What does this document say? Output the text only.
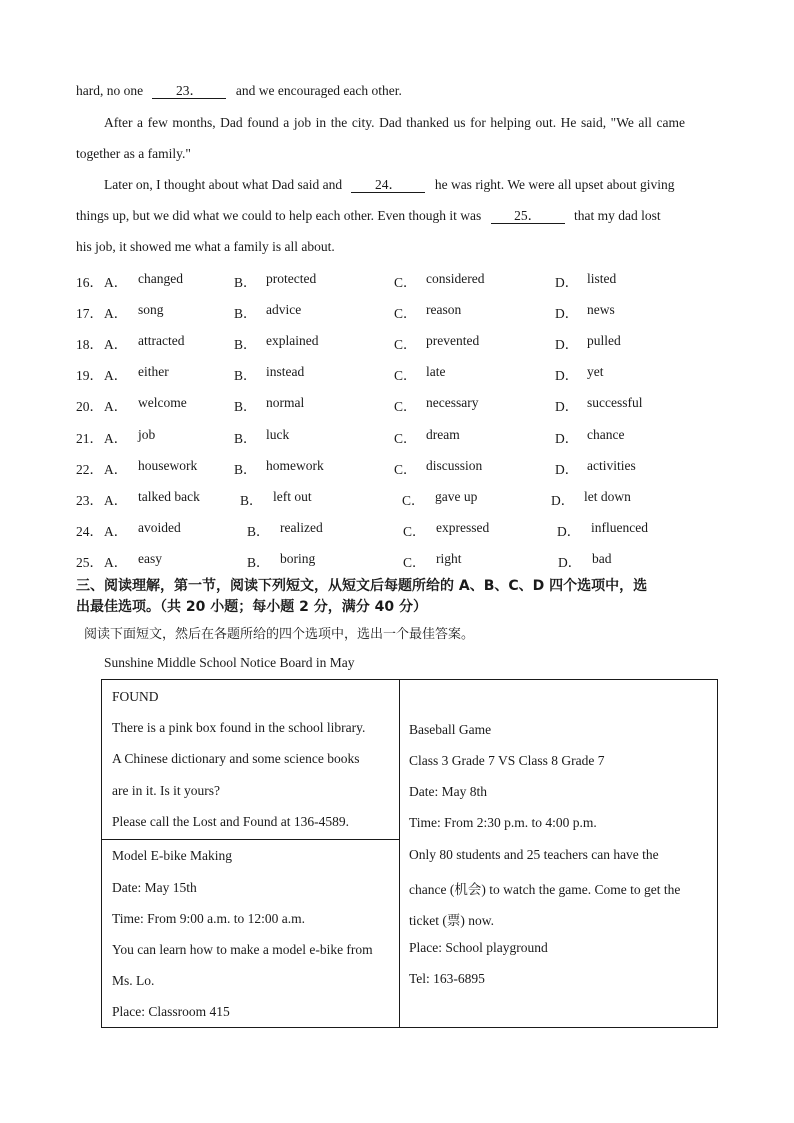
hard, no one 23． and we encouraged each other.
After a few months, Dad found a job in the city. Dad thanked us for helping out. He said, "We all came
together as a family."
Later on, I thought about what Dad said and 24． he was right. We were all upset about giving
things up, but we did what we could to help each other. Even though it was 25． that my dad lost
his job, it showed me what a family is all about.
16． A． changed	B． protected	C． considered	D． listed
17． A． song	B． advice	C． reason	D． news
18． A． attracted	B． explained	C． prevented	D． pulled
19． A． either	B． instead	C． late	D． yet
20． A． welcome	B． normal	C． necessary	D． successful
21． A． job	B． luck	C． dream	D． chance
22． A． housework	B． homework	C． discussion	D． activities
23． A． talked back	B． left out	C． gave up	D． let down
24． A． avoided	B． realized	C． expressed	D． influenced
25． A． easy	B． boring	C． right	D． bad
三、阅读理解，第一节，阅读下列短文，从短文后每题所给的 A、B、C、D 四个选项中，选
出最佳选项。（共 20 小题；每小题 2 分，满分 40 分）
阅读下面短文，然后在各题所给的四个选项中，选出一个最佳答案。
Sunshine Middle School Notice Board in May
FOUND
There is a pink box found in the school library.
A Chinese dictionary and some science books
are in it. Is it yours?
Please call the Lost and Found at 136-4589.
Model E-bike Making
Date: May 15th
Time: From 9:00 a.m. to 12:00 a.m.
You can learn how to make a model e-bike from
Ms. Lo.
Place: Classroom 415
Baseball Game
Class 3 Grade 7 VS Class 8 Grade 7
Date: May 8th
Time: From 2:30 p.m. to 4:00 p.m.
Only 80 students and 25 teachers can have the
chance (机会) to watch the game. Come to get the
ticket (票) now.
Place: School playground
Tel: 163-6895
